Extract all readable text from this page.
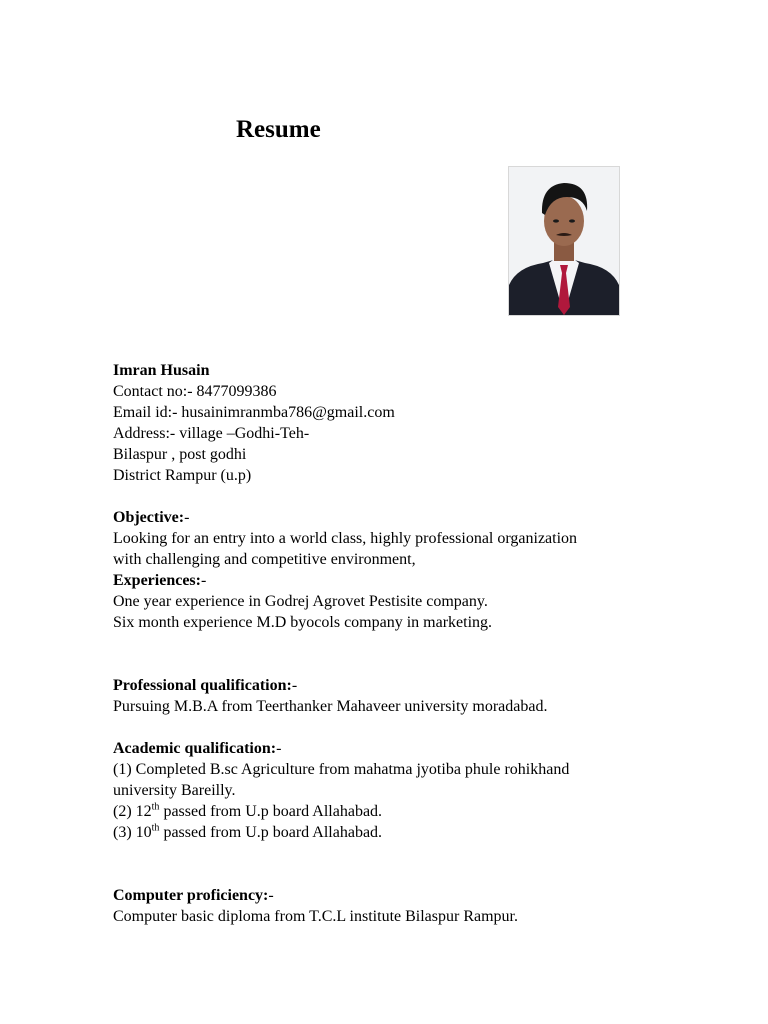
Resume
Imran Husain
Contact no:- 8477099386
Email id:- husainimranmba786@gmail.com
Address:- village –Godhi-Teh-
Bilaspur , post godhi
District Rampur (u.p)
Objective:-
Looking for an entry into a world class, highly professional organization
with challenging and competitive environment,
Experiences:-
One year experience in Godrej Agrovet Pestisite company.
Six month experience M.D byocols company in marketing.
Professional qualification:-
Pursuing M.B.A from Teerthanker Mahaveer university moradabad.
Academic qualification:-
(1) Completed B.sc Agriculture from mahatma jyotiba phule rohikhand
university Bareilly.
(2) 12th passed from U.p board Allahabad.
(3) 10th passed from U.p board Allahabad.
Computer proficiency:-
Computer basic diploma from T.C.L institute Bilaspur Rampur.
